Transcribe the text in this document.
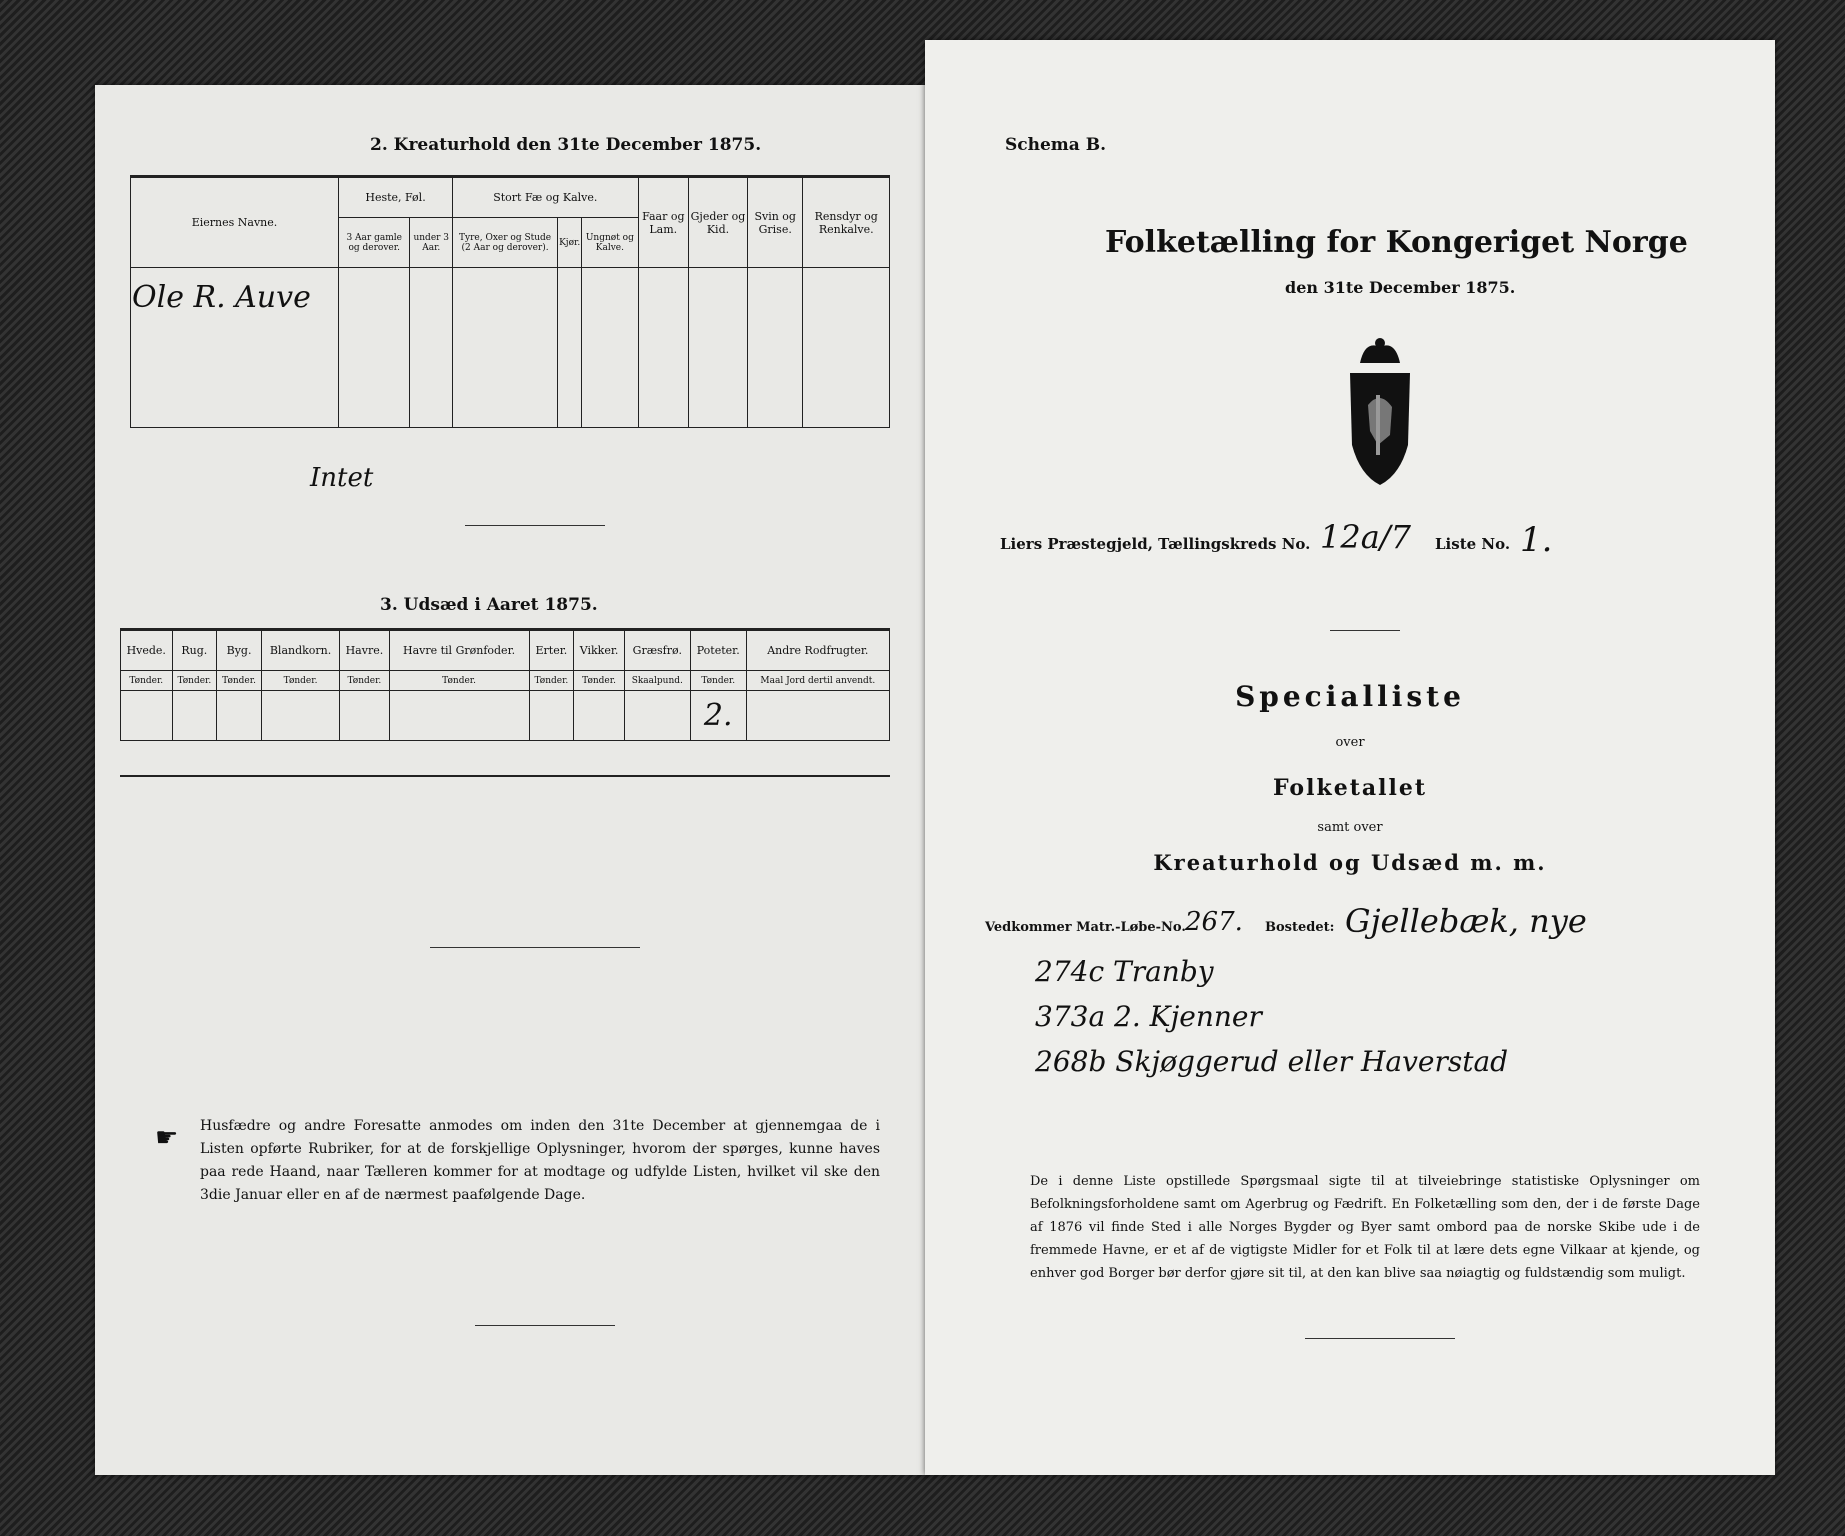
2. Kreaturhold den 31te December 1875.
Eiernes Navne.	Heste, Føl.		Stort Fæ og Kalve.			Faar og Lam.	Gjeder og Kid.	Svin og Grise.	Rensdyr og Renkalve.
	3 Aar gamle og derover.	under 3 Aar.	Tyre, Oxer og Stude (2 Aar og derover).	Kjør.	Ungnøt og Kalve.				
Ole R. Auve									
Intet
3. Udsæd i Aaret 1875.
Hvede.	Rug.	Byg.	Blandkorn.	Havre.	Havre til Grønfoder.	Erter.	Vikker.	Græsfrø.	Poteter.	Andre Rodfrugter.
Tønder.	Tønder.	Tønder.	Tønder.	Tønder.	Tønder.	Tønder.	Tønder.	Skaalpund.	Tønder.	Maal Jord dertil anvendt.
									2.	
☛ Husfædre og andre Foresatte anmodes om inden den 31te December at gjennemgaa de i Listen opførte Rubriker, for at de forskjellige Oplysninger, hvorom der spørges, kunne haves paa rede Haand, naar Tælleren kommer for at modtage og udfylde Listen, hvilket vil ske den 3die Januar eller en af de nærmest paafølgende Dage.
Schema B.
Folketælling for Kongeriget Norge
den 31te December 1875.
Liers Præstegjeld, Tællingskreds No. 12a/7 Liste No. 1.
Specialliste
over
Folketallet
samt over
Kreaturhold og Udsæd m. m.
Vedkommer Matr.-Løbe-No. 267. Bostedet: Gjellebæk, nye
274c Tranby
373a 2. Kjenner
268b Skjøggerud eller Haverstad
De i denne Liste opstillede Spørgsmaal sigte til at tilveiebringe statistiske Oplysninger om Befolkningsforholdene samt om Agerbrug og Fædrift. En Folketælling som den, der i de første Dage af 1876 vil finde Sted i alle Norges Bygder og Byer samt ombord paa de norske Skibe ude i de fremmede Havne, er et af de vigtigste Midler for et Folk til at lære dets egne Vilkaar at kjende, og enhver god Borger bør derfor gjøre sit til, at den kan blive saa nøiagtig og fuldstændig som muligt.
